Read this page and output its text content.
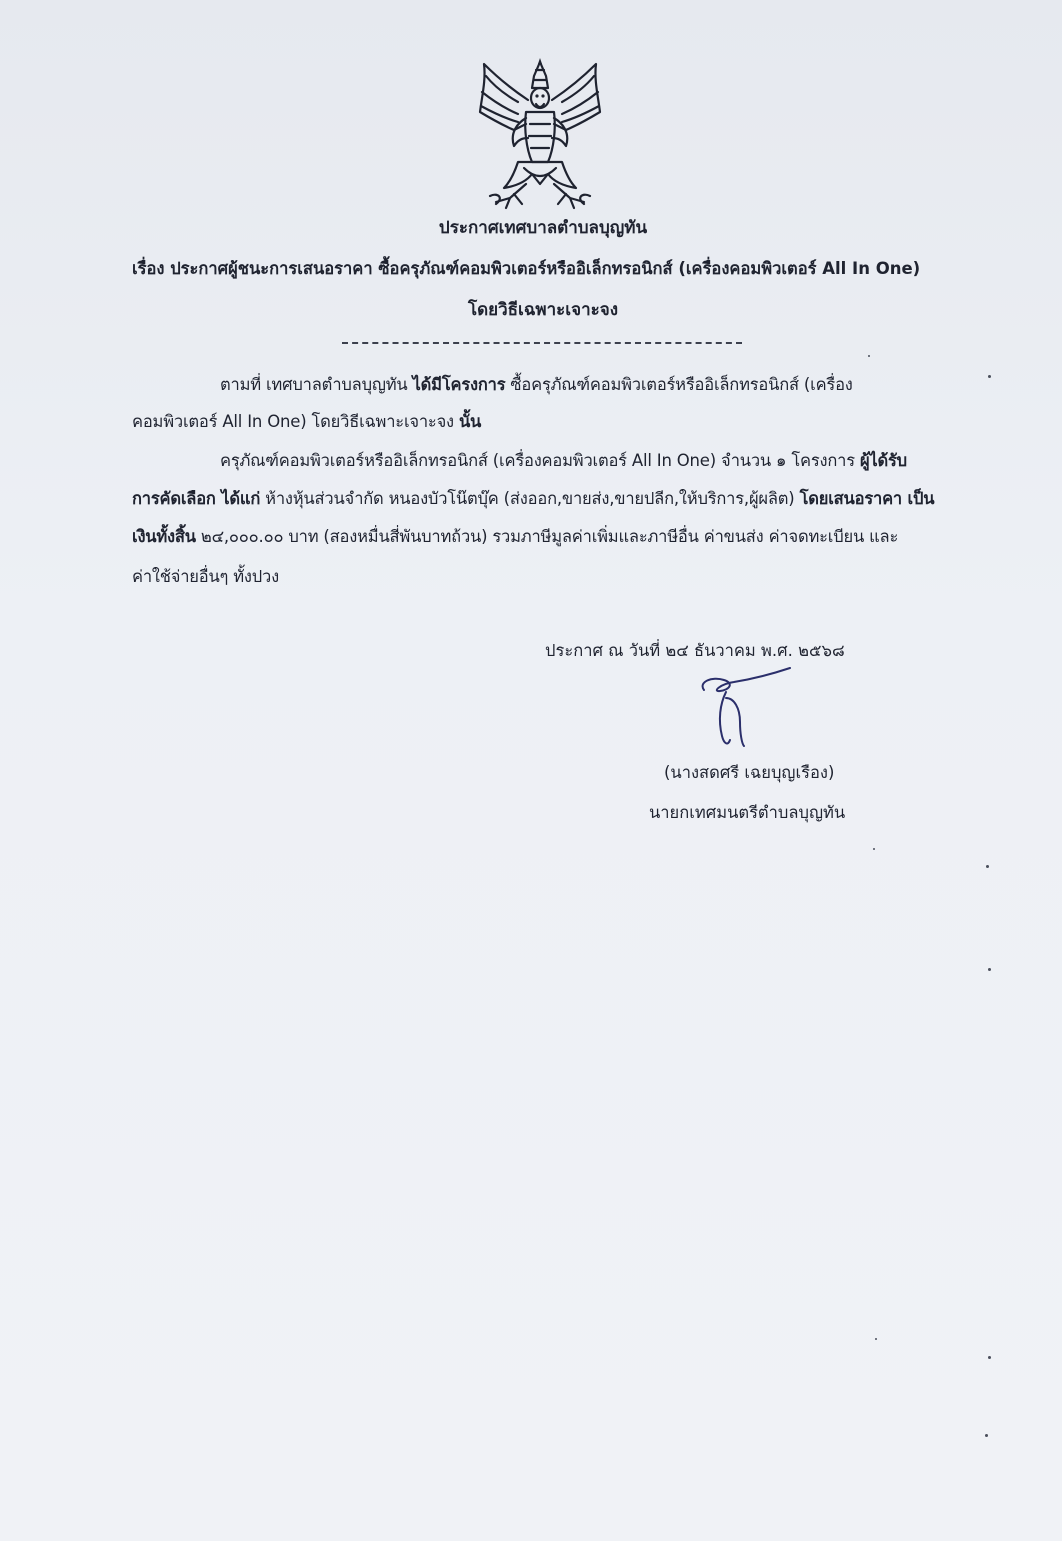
ประกาศเทศบาลตำบลบุญทัน
เรื่อง ประกาศผู้ชนะการเสนอราคา ซื้อครุภัณฑ์คอมพิวเตอร์หรืออิเล็กทรอนิกส์ (เครื่องคอมพิวเตอร์ All In One)
โดยวิธีเฉพาะเจาะจง
ตามที่ เทศบาลตำบลบุญทัน ได้มีโครงการ ซื้อครุภัณฑ์คอมพิวเตอร์หรืออิเล็กทรอนิกส์ (เครื่อง
คอมพิวเตอร์ All In One) โดยวิธีเฉพาะเจาะจง นั้น
ครุภัณฑ์คอมพิวเตอร์หรืออิเล็กทรอนิกส์ (เครื่องคอมพิวเตอร์ All In One) จำนวน ๑ โครงการ ผู้ได้รับ
การคัดเลือก ได้แก่ ห้างหุ้นส่วนจำกัด หนองบัวโน๊ตบุ๊ค (ส่งออก,ขายส่ง,ขายปลีก,ให้บริการ,ผู้ผลิต) โดยเสนอราคา เป็น
เงินทั้งสิ้น ๒๔,๐๐๐.๐๐ บาท (สองหมื่นสี่พันบาทถ้วน) รวมภาษีมูลค่าเพิ่มและภาษีอื่น ค่าขนส่ง ค่าจดทะเบียน และ
ค่าใช้จ่ายอื่นๆ ทั้งปวง
ประกาศ ณ วันที่ ๒๔ ธันวาคม พ.ศ. ๒๕๖๘
(นางสดศรี เฉยบุญเรือง)
นายกเทศมนตรีตำบลบุญทัน
